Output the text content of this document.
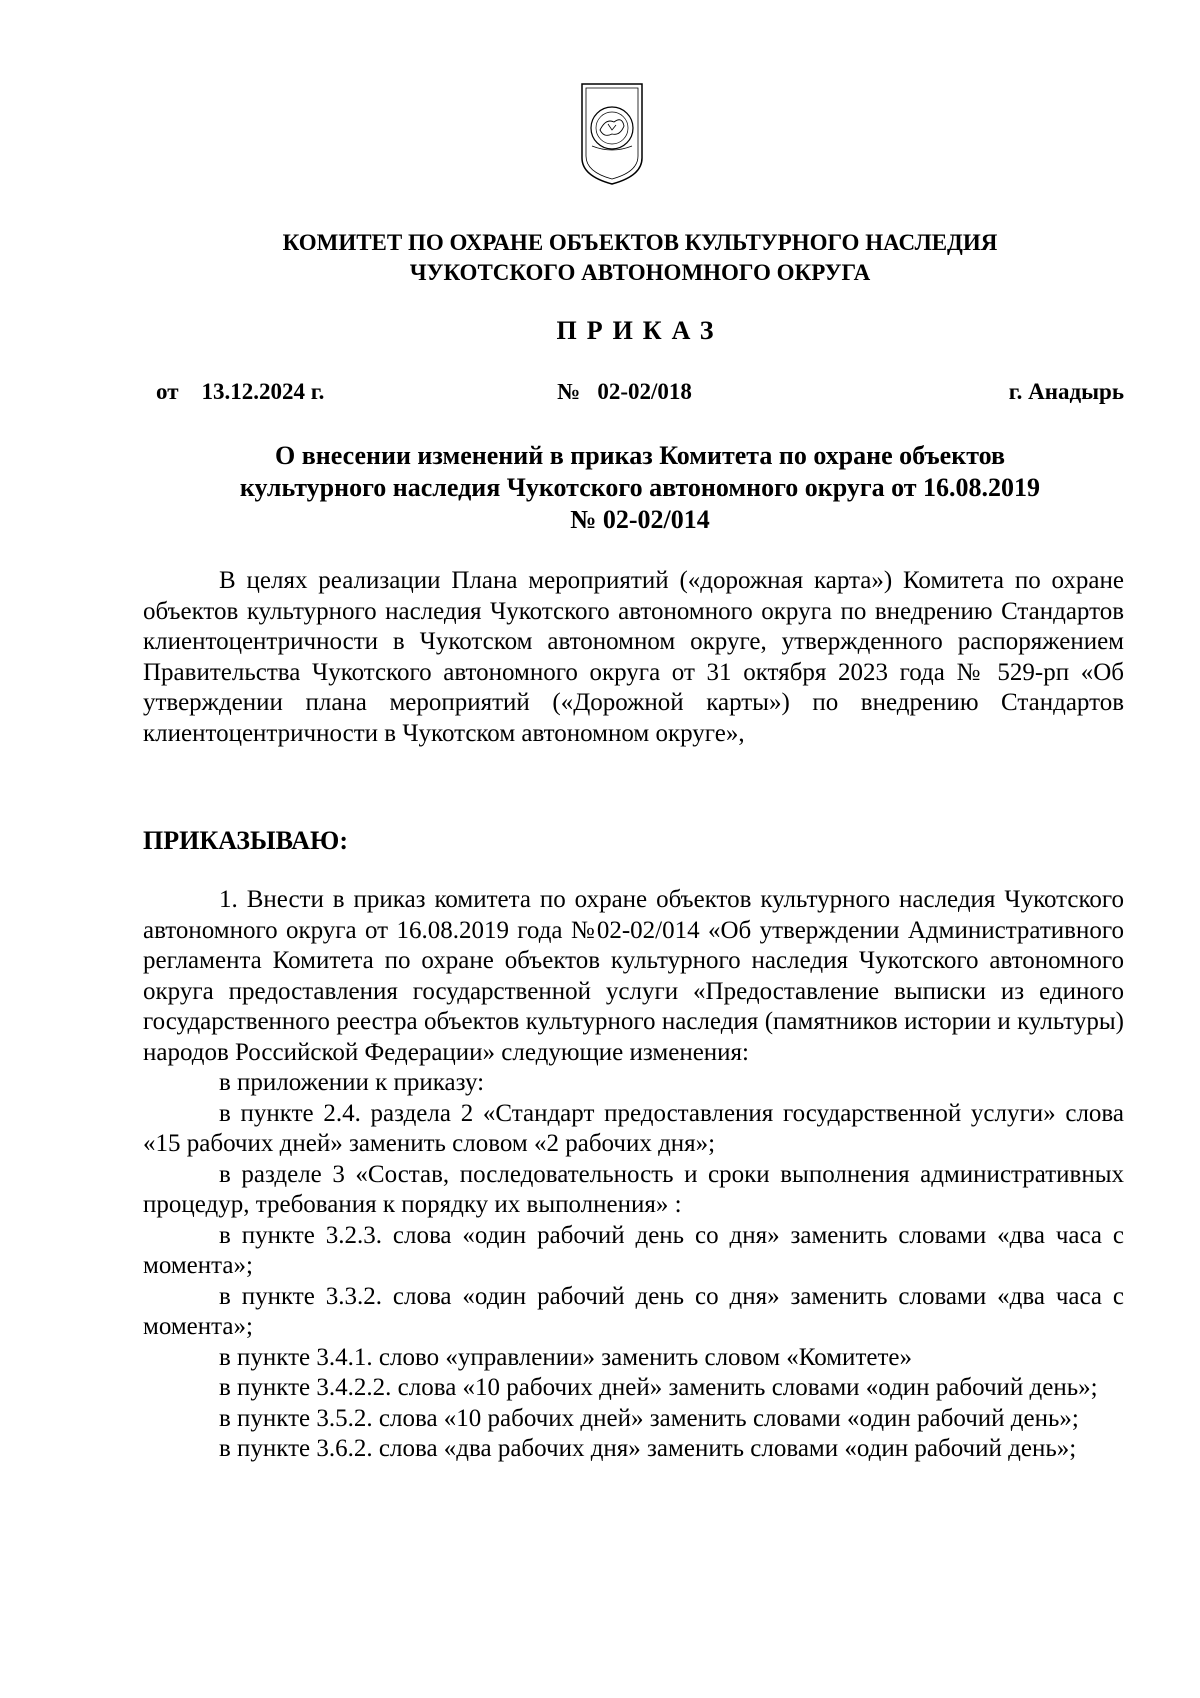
КОМИТЕТ ПО ОХРАНЕ ОБЪЕКТОВ КУЛЬТУРНОГО НАСЛЕДИЯ
ЧУКОТСКОГО АВТОНОМНОГО ОКРУГА
ПРИКАЗ
от    13.12.2024 г.	№   02-02/018	г. Анадырь
О внесении изменений в приказ Комитета по охране объектов
культурного наследия Чукотского автономного округа от 16.08.2019
№ 02-02/014
В целях реализации Плана мероприятий («дорожная карта») Комитета по охране объектов культурного наследия Чукотского автономного округа по внедрению Стандартов клиентоцентричности в Чукотском автономном округе, утвержденного распоряжением Правительства Чукотского автономного округа от 31 октября 2023 года № 529-рп «Об утверждении плана мероприятий («Дорожной карты») по внедрению Стандартов клиентоцентричности в Чукотском автономном округе»,
ПРИКАЗЫВАЮ:

1. Внести в приказ комитета по охране объектов культурного наследия Чукотского автономного округа от 16.08.2019 года №02-02/014 «Об утверждении Административного регламента Комитета по охране объектов культурного наследия Чукотского автономного округа предоставления государственной услуги «Предоставление выписки из единого государственного реестра объектов культурного наследия (памятников истории и культуры) народов Российской Федерации» следующие изменения:

в приложении к приказу:

в пункте 2.4. раздела 2 «Стандарт предоставления государственной услуги» слова «15 рабочих дней» заменить словом «2 рабочих дня»;

в разделе 3 «Состав, последовательность и сроки выполнения административных процедур, требования к порядку их выполнения» :

в пункте 3.2.3. слова «один рабочий день со дня» заменить словами «два часа с момента»;

в пункте 3.3.2. слова «один рабочий день со дня» заменить словами «два часа с момента»;

в пункте 3.4.1. слово «управлении» заменить словом «Комитете»

в пункте 3.4.2.2. слова «10 рабочих дней» заменить словами «один рабочий день»;

в пункте 3.5.2. слова «10 рабочих дней» заменить словами «один рабочий день»;

в пункте 3.6.2. слова «два рабочих дня» заменить словами «один рабочий день»;
